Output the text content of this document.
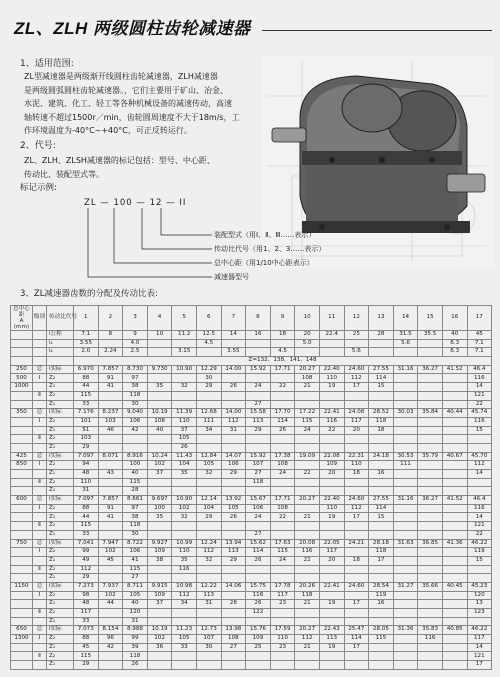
ZL、ZLH 两级圆柱齿轮减速器
1、适用范围:
ZL型减速器是两级渐开线圆柱齿轮减速器，ZLH减速器
是两级圆弧圆柱齿轮减速器。，它们主要用于矿山、冶金、
水泥、建筑、化工、轻工等各种机械设备的减速传动，高速
轴转速不超过1500r／min，齿轮圆周速度不大于18m/s，工
作环境温度为-40°C~+40°C，可正反转运行。
2、代号:
ZL、ZLH、ZLSH减速器的标记包括：型号、中心距、
传动比、装配型式等。
标记示例:
ZL — 100 — 12 — II
装配型式（用Ⅰ、Ⅱ、Ⅲ……表示）
传动比代号（用1、2、3……表示）
总中心距（用1/10中心距表示）
减速器型号
3、ZL减速器齿数的分配及传动比表:
总中心距
A
(mm)	级别	传动比代号	1	2	3	4	5	6	7	8	9	10	11	12	13	14	15	16	17
		i公称	7.1	8	9	10	11.2	12.5	14	16	18	20	22.4	25	28	31.5	35.5	40	45
		i₁	3.55		4.0			4.5				5.0				5.6		6.3	7.1
		i₂	2.0	2.24	2.5		3.15		3.55		4.5			5.6				6.3	7.1
			Z=132、138、141、148																
250	总	i实际	6.970	7.857	8.730	9.730	10.90	12.29	14.00	15.92	17.71	20.27	22.40	24.60	27.55	31.16	36.27	41.52	46.4
500	Ⅰ	Z₂	88	91	97			30				108	110	112	114				116
1000		Z₁	44	41	38	35	32	29	26	24	22	21	19	17	15				14
	Ⅱ	Z₂	115		118														121
		Z₁	33		30					27									22
350	总	i实际	7.176	8.237	9.040	10.19	11.39	12.68	14.00	15.58	17.70	17.22	22.41	24.08	28.52	30.03	35.84	40.44	45.74
	Ⅰ	Z₂	101	103	106	108	110	111	112	113	114	115	116	117	118				116
		Z₁	51	46	42	40	37	34	31	29	26	24	22	20	18				15
	Ⅱ	Z₂	103				105												
		Z₁	29				26												
425	总	i实际	7.097	8.071	8.916	10.24	11.43	12.84	14.07	15.92	17.38	19.09	22.08	22.31	24.18	30.53	35.79	40.67	45.70
850	Ⅰ	Z₂	94		100	102	104	105	106	107	108		109	110		111			112
		Z₁	48	43	40	37	35	32	29	27	24	22	20	18	16				14
	Ⅱ	Z₂	110		115					118									
		Z₁	31		28														
600	总	i实际	7.097	7.857	8.661	9.697	10.90	12.14	13.92	15.67	17.71	20.27	22.40	24.60	27.55	31.16	36.27	41.52	46.4
	Ⅰ	Z₂	88	91	97	100	102	104	105	106	108		110	112	114				116
		Z₁	44	41	38	35	32	29	26	24	22	21	19	17	15				14
	Ⅱ	Z₂	115		118														121
		Z₁	33		30					27									22
750	总	i实际	7.041	7.947	8.722	9.927	10.99	12.24	13.94	15.62	17.63	20.08	22.05	24.21	28.18	31.63	36.85	41.36	46.22
	Ⅰ	Z₂	99	102	106	109	110	112	113	114	115	116	117		118				119
		Z₁	49	45	41	38	35	32	29	26	24	22	20	18	17				15
	Ⅱ	Z₂	112		115		116												
		Z₁	29		27														
1150	总	i实际	7.273	7.937	8.711	9.915	10.98	12.22	14.06	15.75	17.78	20.26	22.41	24.60	28.54	31.27	35.66	40.45	45.23
	Ⅰ	Z₂	98	102	105	109	112	113		116	117	118			119				120
		Z₁	48	44	40	37	34	31	28	26	23	21	19	17	16				13
	Ⅱ	Z₂	117		120					122									123
		Z₁	33		31														
650	总	i实际	7.073	8.154	8.988	10.19	11.23	12.73	13.98	15.76	17.59	20.27	22.43	25.47	28.05	31.36	35.83	40.85	46.22
1300	Ⅰ	Z₂	88	96	99	102	105	107	108	109	110	112	113	114	115		116		117
		Z₁	45	42	39	36	33	30	27	25	23	21	19	17					14
	Ⅱ	Z₂	115		118														121
		Z₁	29		26														17
